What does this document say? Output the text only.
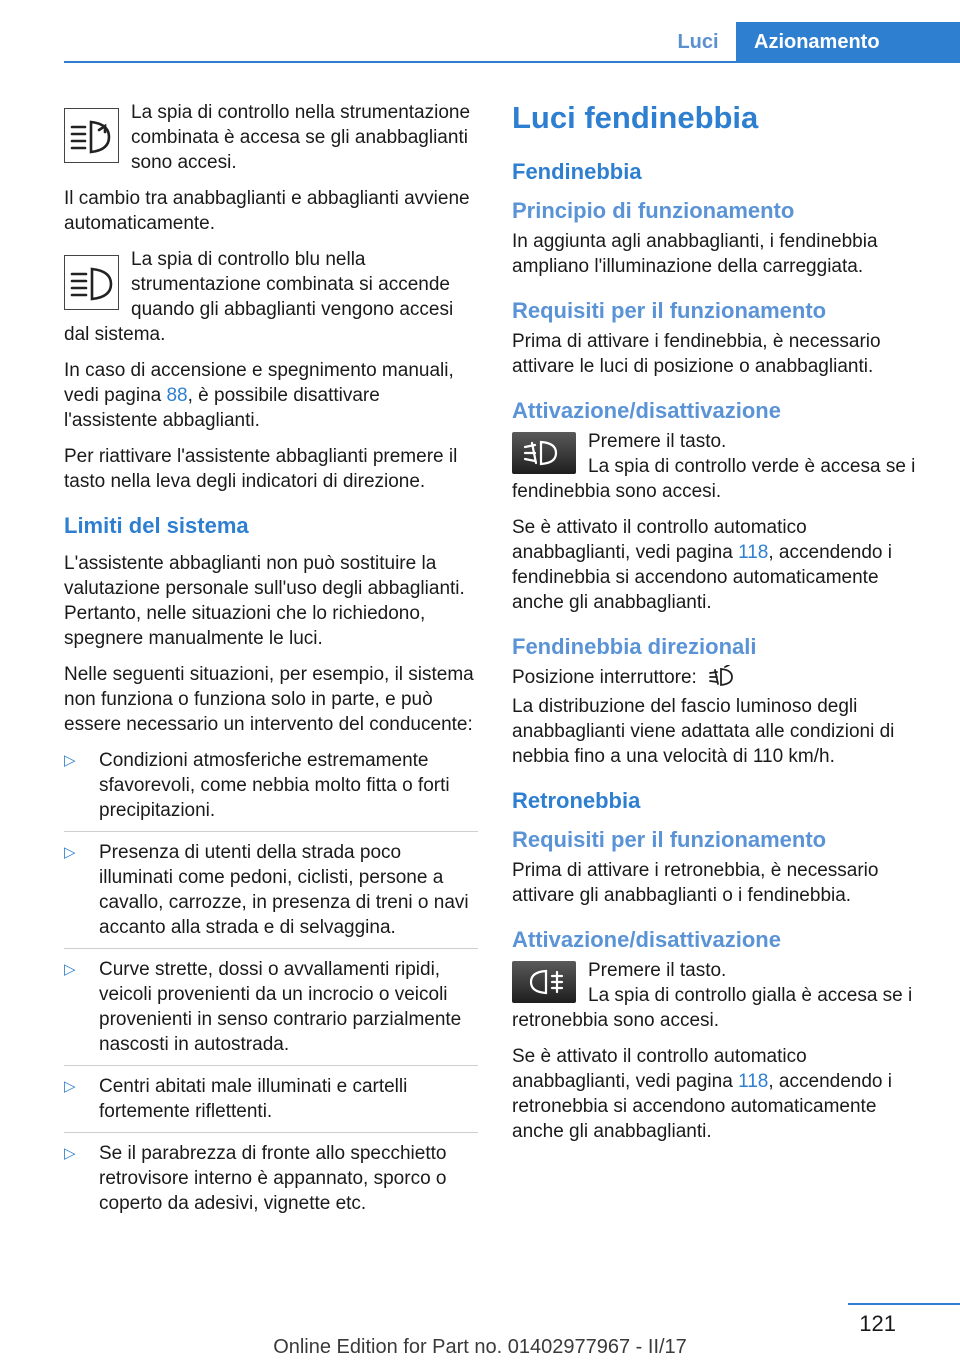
Luci	Azionamento
La spia di controllo nella strumentazione combinata è accesa se gli anabbaglianti sono accesi.

Il cambio tra anabbaglianti e abbaglianti avviene automaticamente.

La spia di controllo blu nella strumentazione combinata si accende quando gli abbaglianti vengono accesi dal sistema.

In caso di accensione e spegnimento manuali, vedi pagina 88, è possibile disattivare l'assistente abbaglianti.

Per riattivare l'assistente abbaglianti premere il tasto nella leva degli indicatori di direzione.

Limiti del sistema

L'assistente abbaglianti non può sostituire la valutazione personale sull'uso degli abbaglianti. Pertanto, nelle situazioni che lo richiedono, spegnere manualmente le luci.

Nelle seguenti situazioni, per esempio, il sistema non funziona o funziona solo in parte, e può essere necessario un intervento del conducente:

▷ Condizioni atmosferiche estremamente sfavorevoli, come nebbia molto fitta o forti precipitazioni.
▷ Presenza di utenti della strada poco illuminati come pedoni, ciclisti, persone a cavallo, carrozze, in presenza di treni o navi accanto alla strada e di selvaggina.
▷ Curve strette, dossi o avvallamenti ripidi, veicoli provenienti da un incrocio o veicoli provenienti in senso contrario parzialmente nascosti in autostrada.
▷ Centri abitati male illuminati e cartelli fortemente riflettenti.
▷ Se il parabrezza di fronte allo specchietto retrovisore interno è appannato, sporco o coperto da adesivi, vignette etc.
Luci fendinebbia
Fendinebbia
Principio di funzionamento

In aggiunta agli anabbaglianti, i fendinebbia ampliano l'illuminazione della carreggiata.

Requisiti per il funzionamento

Prima di attivare i fendinebbia, è necessario attivare le luci di posizione o anabbaglianti.

Attivazione/disattivazione
Premere il tasto.
La spia di controllo verde è accesa se i fendinebbia sono accesi.

Se è attivato il controllo automatico anabbaglianti, vedi pagina 118, accendendo i fendinebbia si accendono automaticamente anche gli anabbaglianti.

Fendinebbia direzionali

Posizione interruttore:

La distribuzione del fascio luminoso degli anabbaglianti viene adattata alle condizioni di nebbia fino a una velocità di 110 km/h.

Retronebbia
Requisiti per il funzionamento

Prima di attivare i retronebbia, è necessario attivare gli anabbaglianti o i fendinebbia.

Attivazione/disattivazione
Premere il tasto.
La spia di controllo gialla è accesa se i retronebbia sono accesi.

Se è attivato il controllo automatico anabbaglianti, vedi pagina 118, accendendo i retronebbia si accendono automaticamente anche gli anabbaglianti.

121
Online Edition for Part no. 01402977967 - II/17
